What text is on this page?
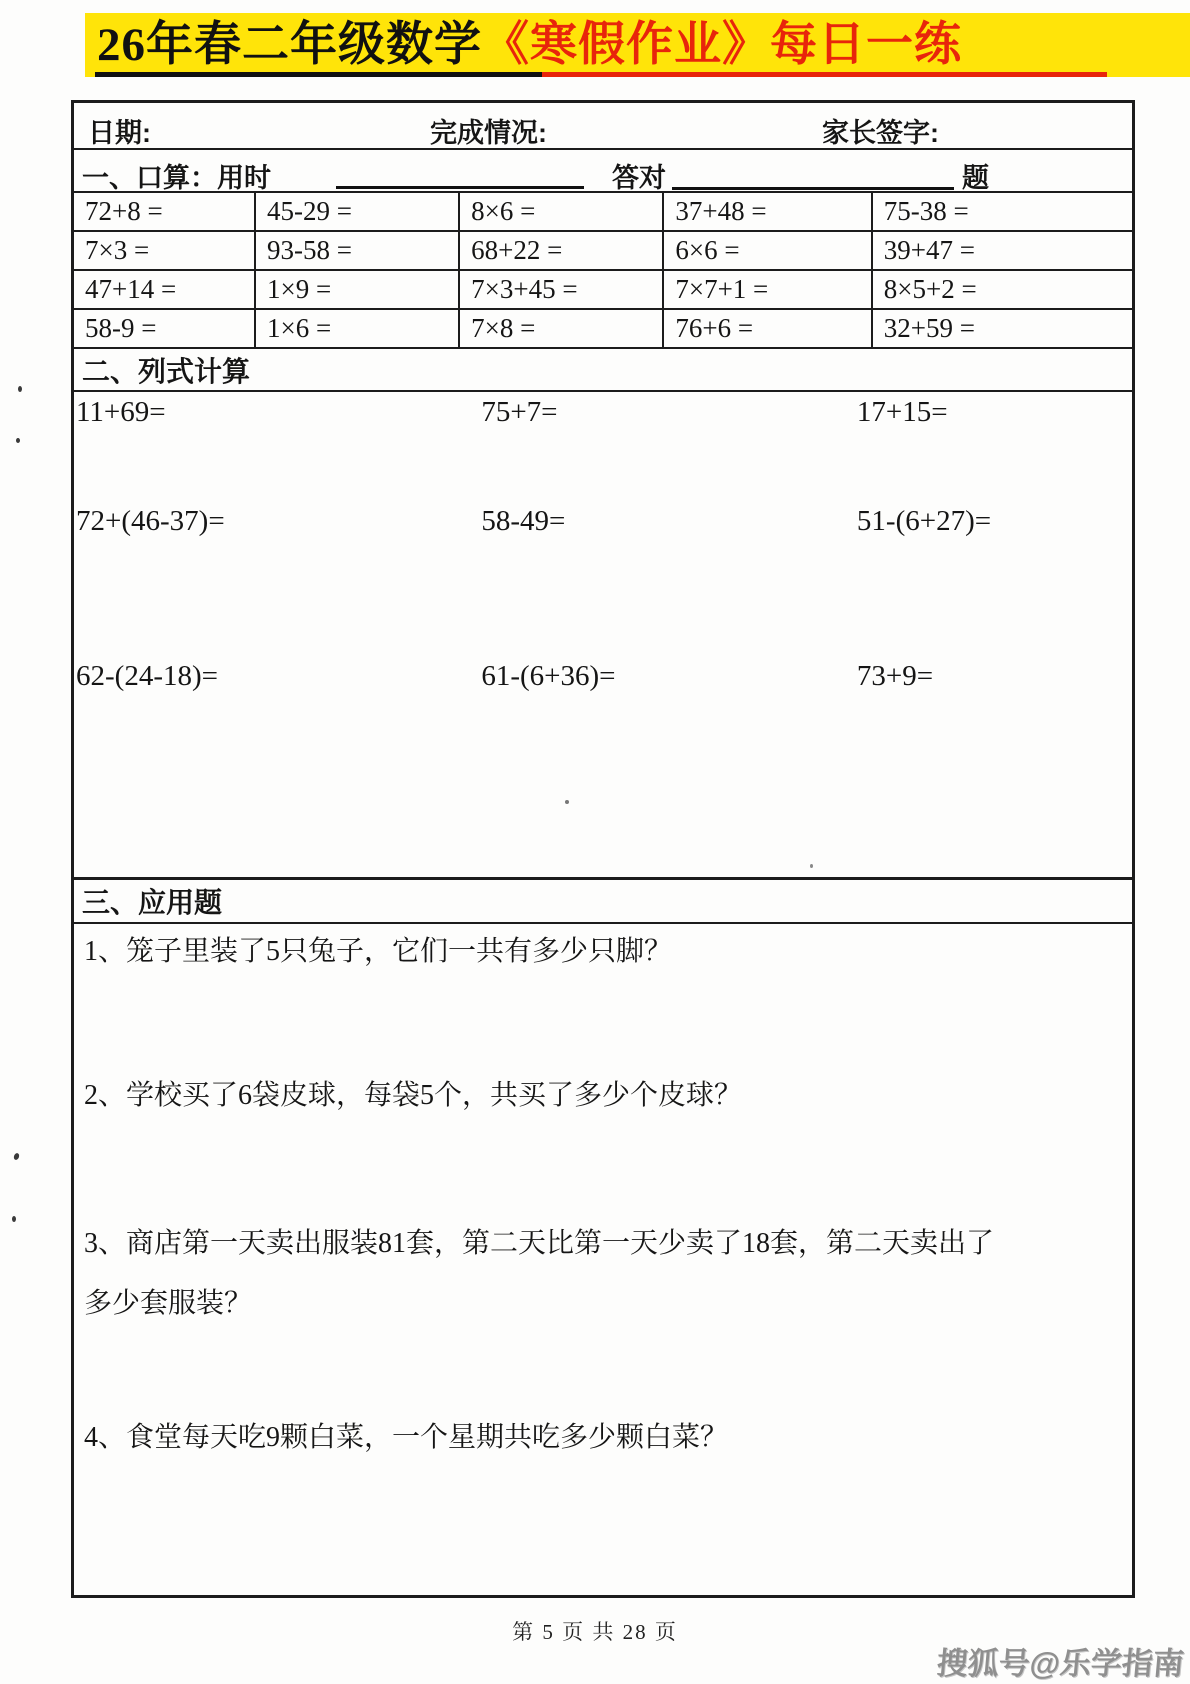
26年春二年级数学 《寒假作业》每日一练
日期:	完成情况:	家长签字:
一、口算：用时	答对	题
72+8 =	45-29 =	8×6 =	37+48 =	75-38 =
7×3 =	93-58 =	68+22 =	6×6 =	39+47 =
47+14 =	1×9 =	7×3+45 =	7×7+1 =	8×5+2 =
58-9 =	1×6 =	7×8 =	76+6 =	32+59 =
二、列式计算
11+69=	75+7=	17+15=
72+(46-37)=	58-49=	51-(6+27)=
62-(24-18)=	61-(6+36)=	73+9=
三、应用题
1、笼子里装了5只兔子，它们一共有多少只脚？
2、学校买了6袋皮球，每袋5个，共买了多少个皮球？
3、商店第一天卖出服装81套，第二天比第一天少卖了18套，第二天卖出了
多少套服装？
4、食堂每天吃9颗白菜，一个星期共吃多少颗白菜？
第 5 页 共 28 页
搜狐号@乐学指南
